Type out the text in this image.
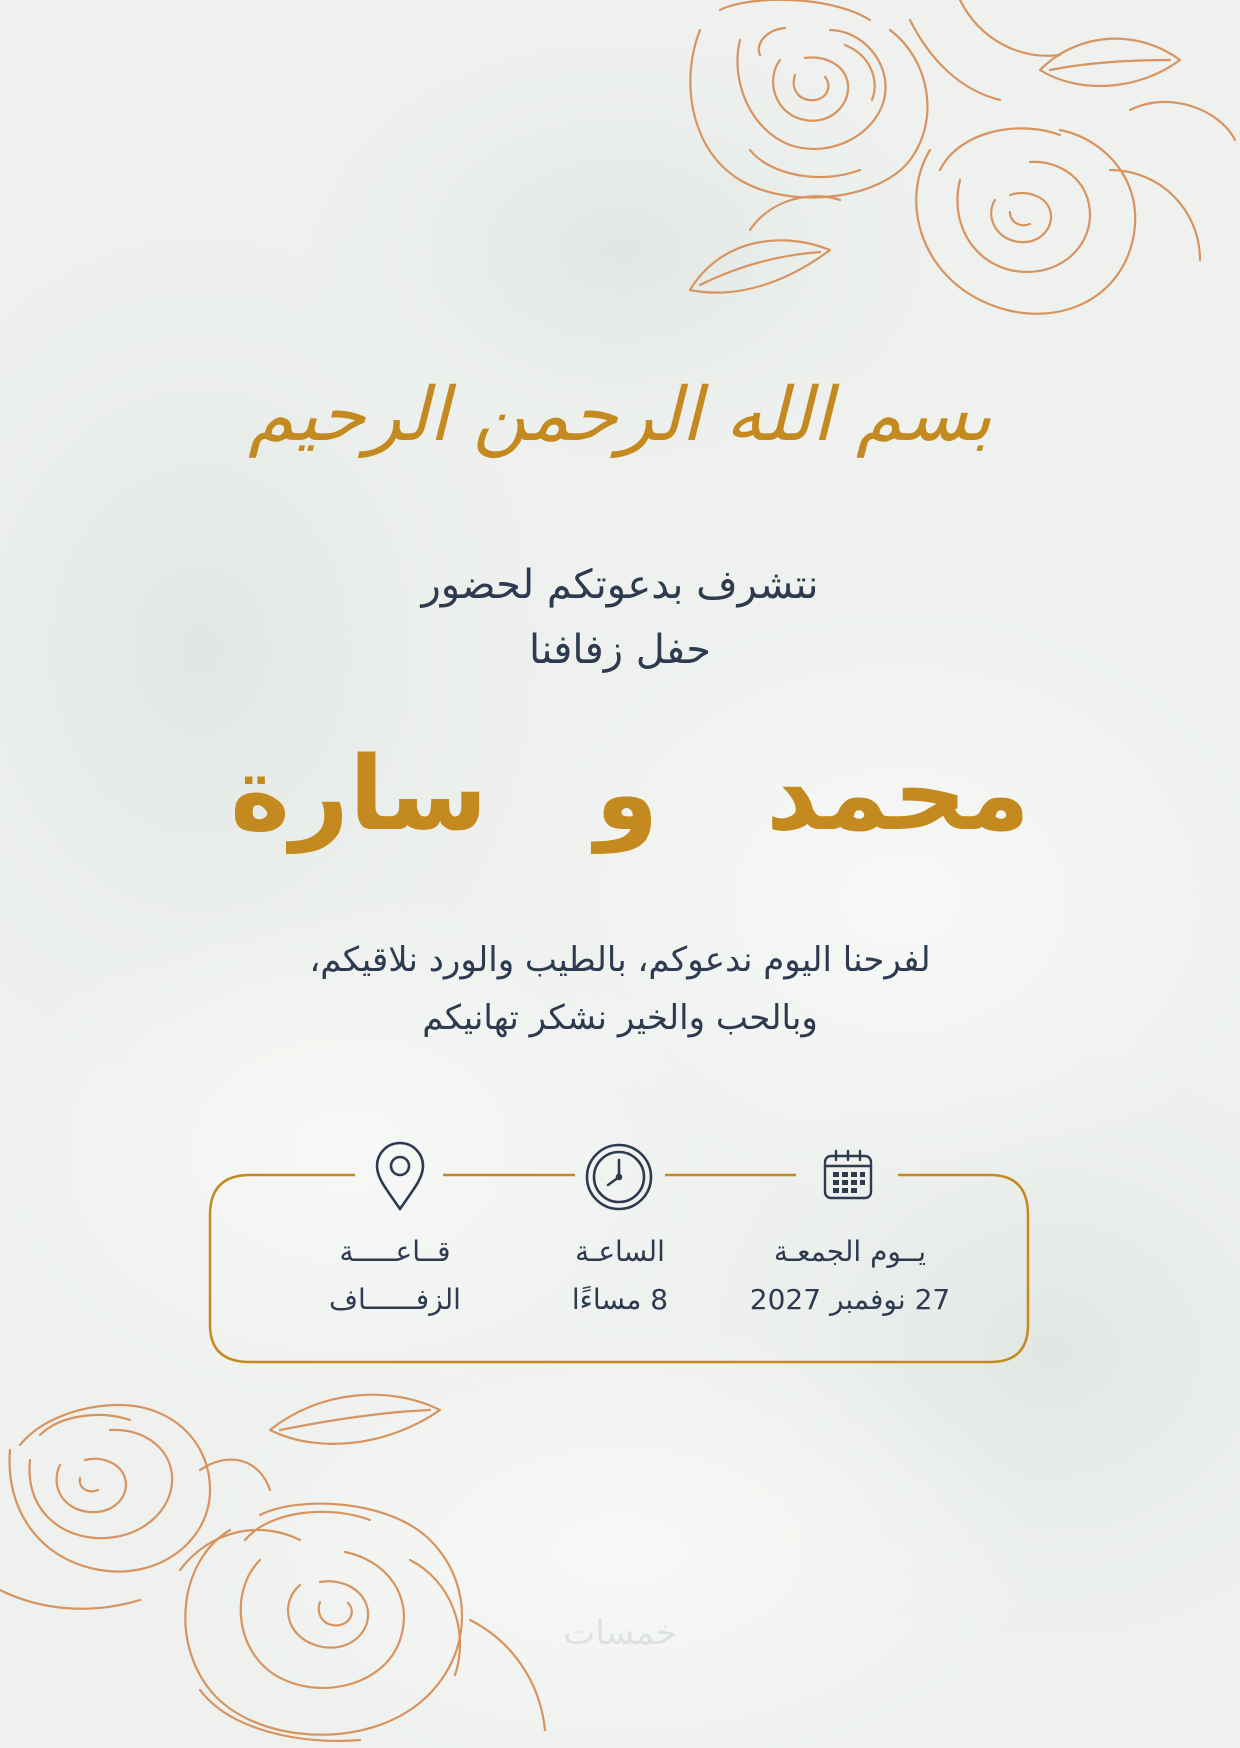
بسم الله الرحمن الرحيم
نتشرف بدعوتكم لحضور
حفل زفافنا
محمد
و
سارة
لفرحنا اليوم ندعوكم، بالطيب والورد نلاقيكم،
وبالحب والخير نشكر تهانيكم
يــوم الجمعـة
27 نوفمبر 2027
الساعـة
8 مساءًا
قــاعـــــة
الزفــــــاف
خمسات
